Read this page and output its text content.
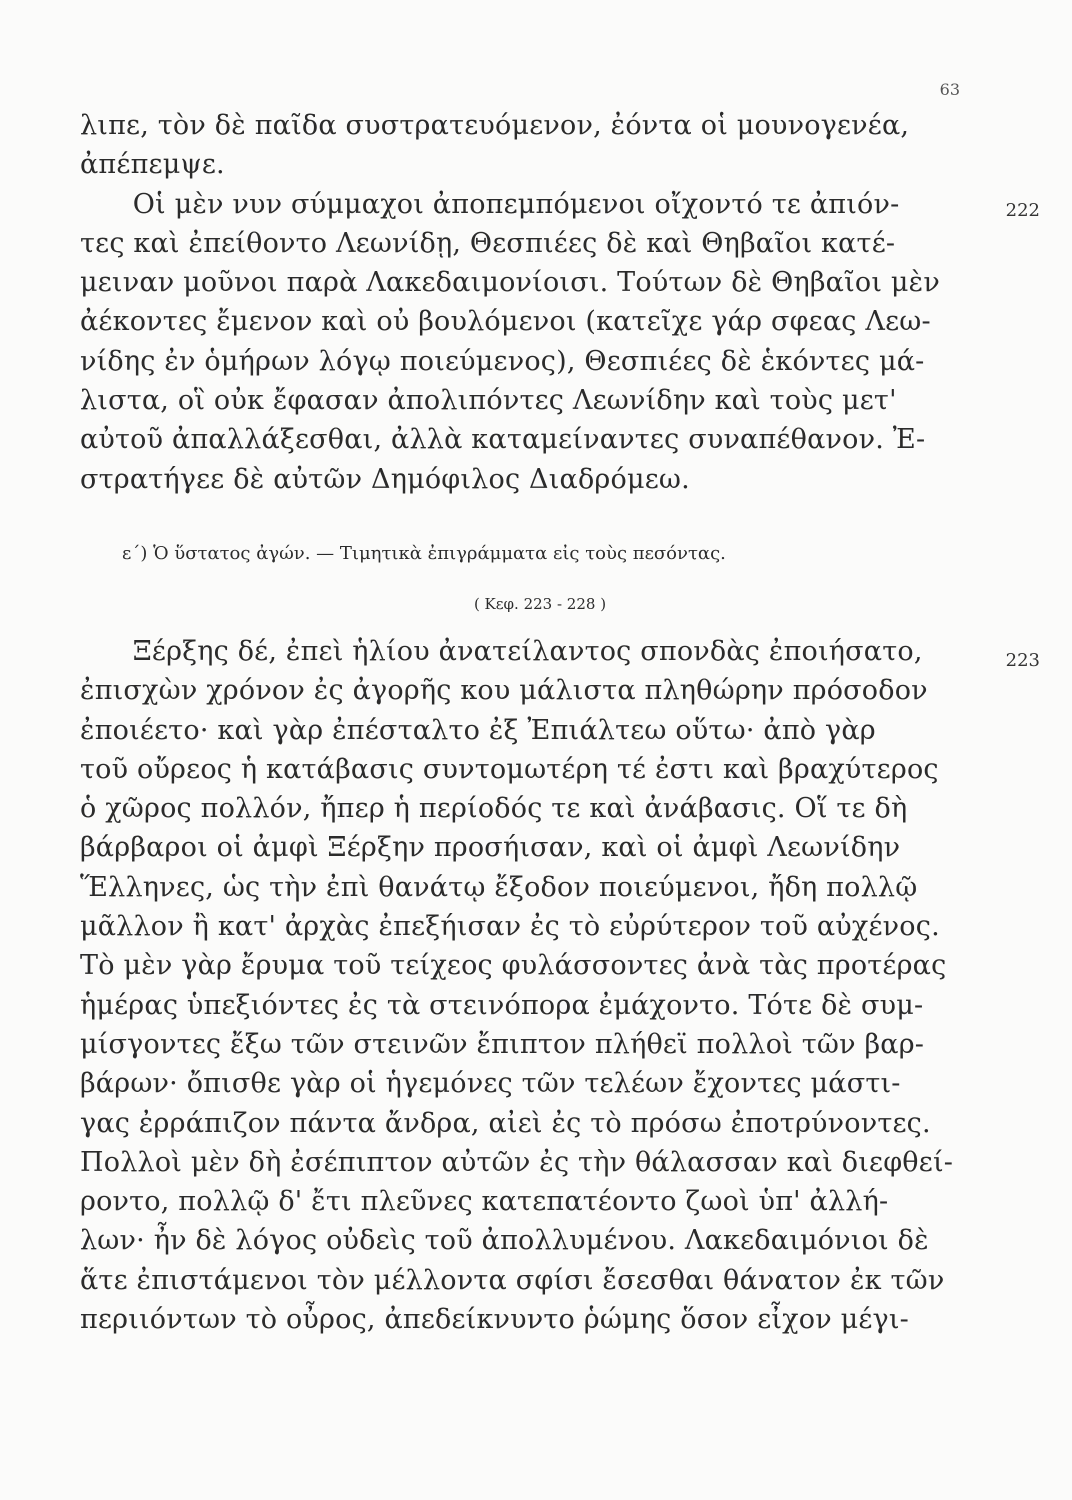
63
λιπε, τὸν δὲ παῖδα συστρατευόμενον, ἐόντα οἱ μουνογενέα,
ἀπέπεμψε.
Οἱ μὲν νυν σύμμαχοι ἀποπεμπόμενοι οἴχοντό τε ἀπιόν-
τες καὶ ἐπείθοντο Λεωνίδῃ, Θεσπιέες δὲ καὶ Θηβαῖοι κατέ-
μειναν μοῦνοι παρὰ Λακεδαιμονίοισι. Τούτων δὲ Θηβαῖοι μὲν
ἀέκοντες ἔμενον καὶ οὐ βουλόμενοι (κατεῖχε γάρ σφεας Λεω-
νίδης ἐν ὁμήρων λόγῳ ποιεύμενος), Θεσπιέες δὲ ἑκόντες μά-
λιστα, οἳ οὐκ ἔφασαν ἀπολιπόντες Λεωνίδην καὶ τοὺς μετ'
αὐτοῦ ἀπαλλάξεσθαι, ἀλλὰ καταμείναντες συναπέθανον. Ἐ-
στρατήγεε δὲ αὐτῶν Δημόφιλος Διαδρόμεω.
222
ε΄) Ὁ ὕστατος ἀγών. — Τιμητικὰ ἐπιγράμματα εἰς τοὺς πεσόντας.
( Κεφ. 223 - 228 )
Ξέρξης δέ, ἐπεὶ ἡλίου ἀνατείλαντος σπονδὰς ἐποιήσατο,
ἐπισχὼν χρόνον ἐς ἀγορῆς κου μάλιστα πληθώρην πρόσοδον
ἐποιέετο· καὶ γὰρ ἐπέσταλτο ἐξ Ἐπιάλτεω οὕτω· ἀπὸ γὰρ
τοῦ οὔρεος ἡ κατάβασις συντομωτέρη τέ ἐστι καὶ βραχύτερος
ὁ χῶρος πολλόν, ἤπερ ἡ περίοδός τε καὶ ἀνάβασις. Οἵ τε δὴ
βάρβαροι οἱ ἀμφὶ Ξέρξην προσήισαν, καὶ οἱ ἀμφὶ Λεωνίδην
Ἕλληνες, ὡς τὴν ἐπὶ θανάτῳ ἔξοδον ποιεύμενοι, ἤδη πολλῷ
μᾶλλον ἢ κατ' ἀρχὰς ἐπεξήισαν ἐς τὸ εὐρύτερον τοῦ αὐχένος.
Τὸ μὲν γὰρ ἔρυμα τοῦ τείχεος φυλάσσοντες ἀνὰ τὰς προτέρας
ἡμέρας ὑπεξιόντες ἐς τὰ στεινόπορα ἐμάχοντο. Τότε δὲ συμ-
μίσγοντες ἔξω τῶν στεινῶν ἔπιπτον πλήθεϊ πολλοὶ τῶν βαρ-
βάρων· ὄπισθε γὰρ οἱ ἡγεμόνες τῶν τελέων ἔχοντες μάστι-
γας ἐρράπιζον πάντα ἄνδρα, αἰεὶ ἐς τὸ πρόσω ἐποτρύνοντες.
Πολλοὶ μὲν δὴ ἐσέπιπτον αὐτῶν ἐς τὴν θάλασσαν καὶ διεφθεί-
ροντο, πολλῷ δ' ἔτι πλεῦνες κατεπατέοντο ζωοὶ ὑπ' ἀλλή-
λων· ἦν δὲ λόγος οὐδεὶς τοῦ ἀπολλυμένου. Λακεδαιμόνιοι δὲ
ἅτε ἐπιστάμενοι τὸν μέλλοντα σφίσι ἔσεσθαι θάνατον ἐκ τῶν
περιιόντων τὸ οὖρος, ἀπεδείκνυντο ῥώμης ὅσον εἶχον μέγι-
223
